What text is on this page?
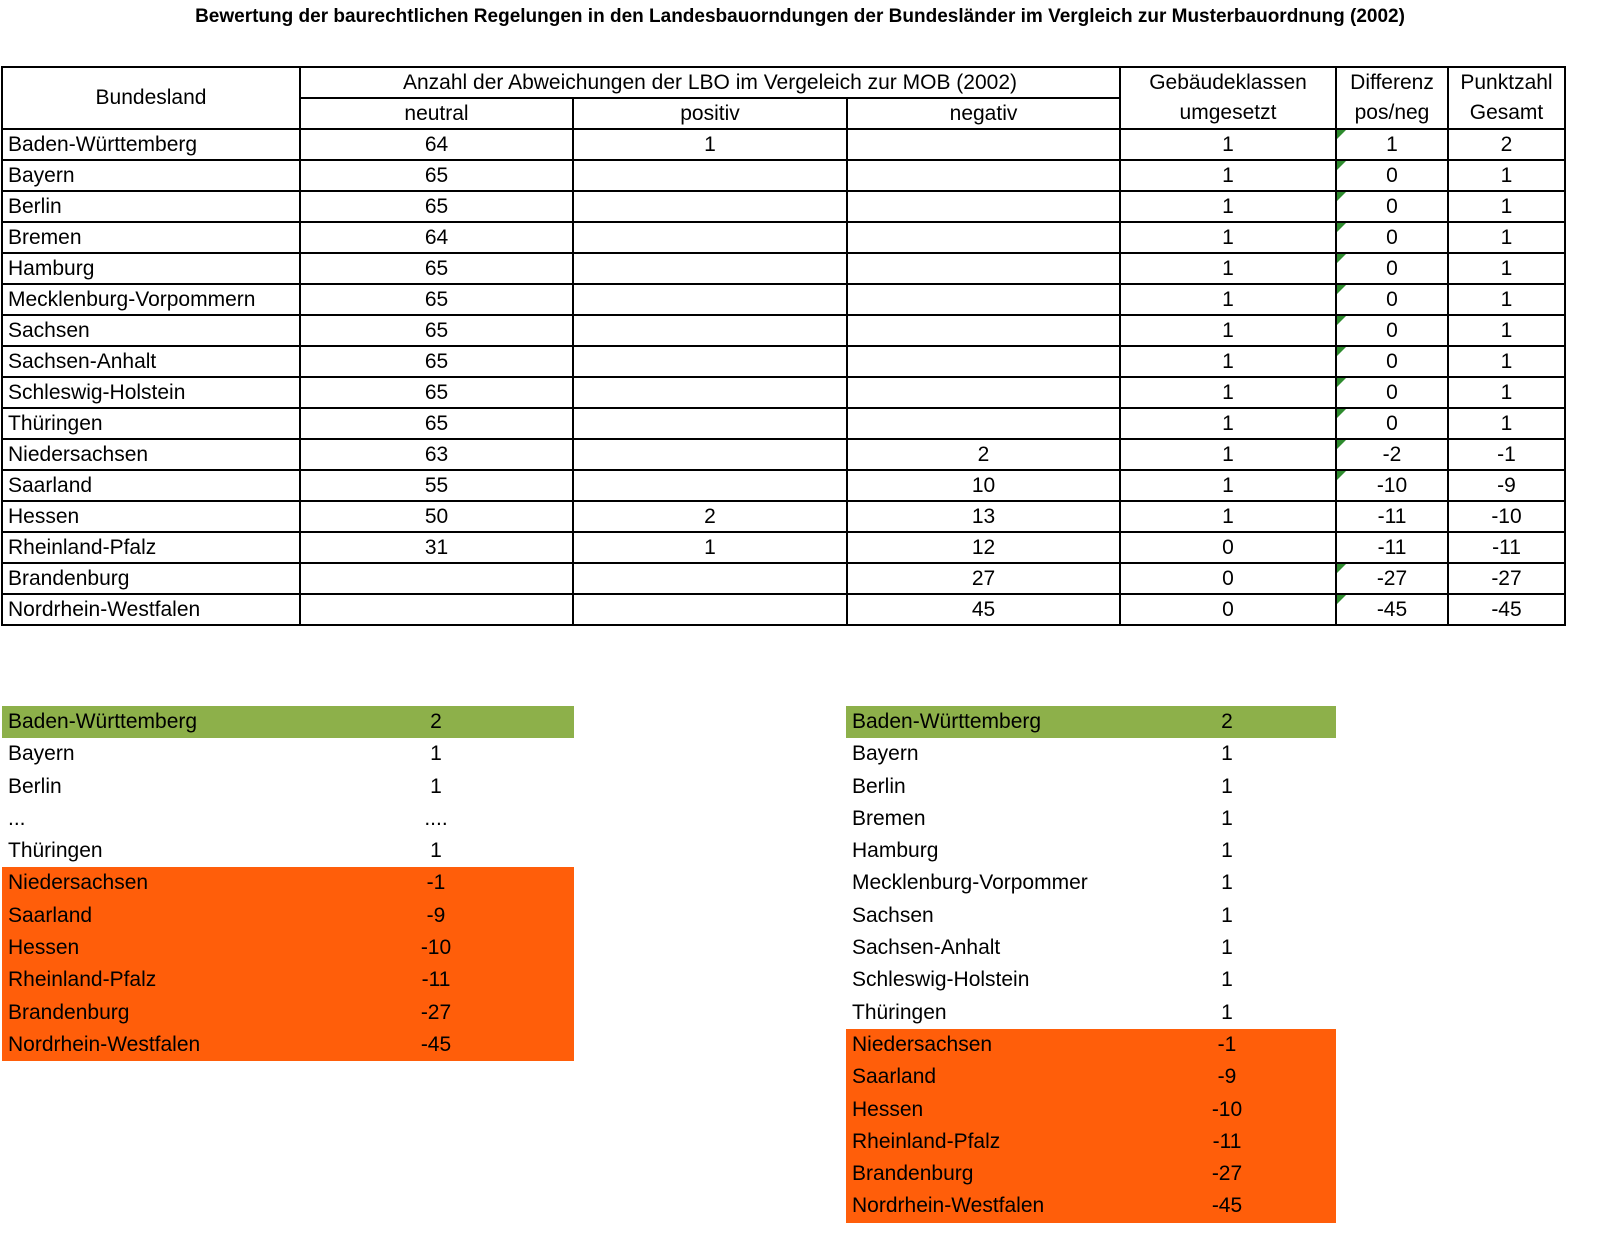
Bewertung der baurechtlichen Regelungen in den Landesbauorndungen der Bundesländer im Vergleich zur Musterbauordnung (2002)
Bundesland	Anzahl der Abweichungen der LBO im Vergeleich zur MOB (2002)			Gebäudeklassen	Differenz	Punktzahl
	neutral	positiv	negativ	umgesetzt	pos/neg	Gesamt
Baden-Württemberg	64	1		1	1	2
Bayern	65			1	0	1
Berlin	65			1	0	1
Bremen	64			1	0	1
Hamburg	65			1	0	1
Mecklenburg-Vorpommern	65			1	0	1
Sachsen	65			1	0	1
Sachsen-Anhalt	65			1	0	1
Schleswig-Holstein	65			1	0	1
Thüringen	65			1	0	1
Niedersachsen	63		2	1	-2	-1
Saarland	55		10	1	-10	-9
Hessen	50	2	13	1	-11	-10
Rheinland-Pfalz	31	1	12	0	-11	-11
Brandenburg			27	0	-27	-27
Nordrhein-Westfalen			45	0	-45	-45
Baden-Württemberg	2
Bayern	1
Berlin	1
...	....
Thüringen	1
Niedersachsen	-1
Saarland	-9
Hessen	-10
Rheinland-Pfalz	-11
Brandenburg	-27
Nordrhein-Westfalen	-45
Baden-Württemberg	2
Bayern	1
Berlin	1
Bremen	1
Hamburg	1
Mecklenburg-Vorpommer	1
Sachsen	1
Sachsen-Anhalt	1
Schleswig-Holstein	1
Thüringen	1
Niedersachsen	-1
Saarland	-9
Hessen	-10
Rheinland-Pfalz	-11
Brandenburg	-27
Nordrhein-Westfalen	-45
